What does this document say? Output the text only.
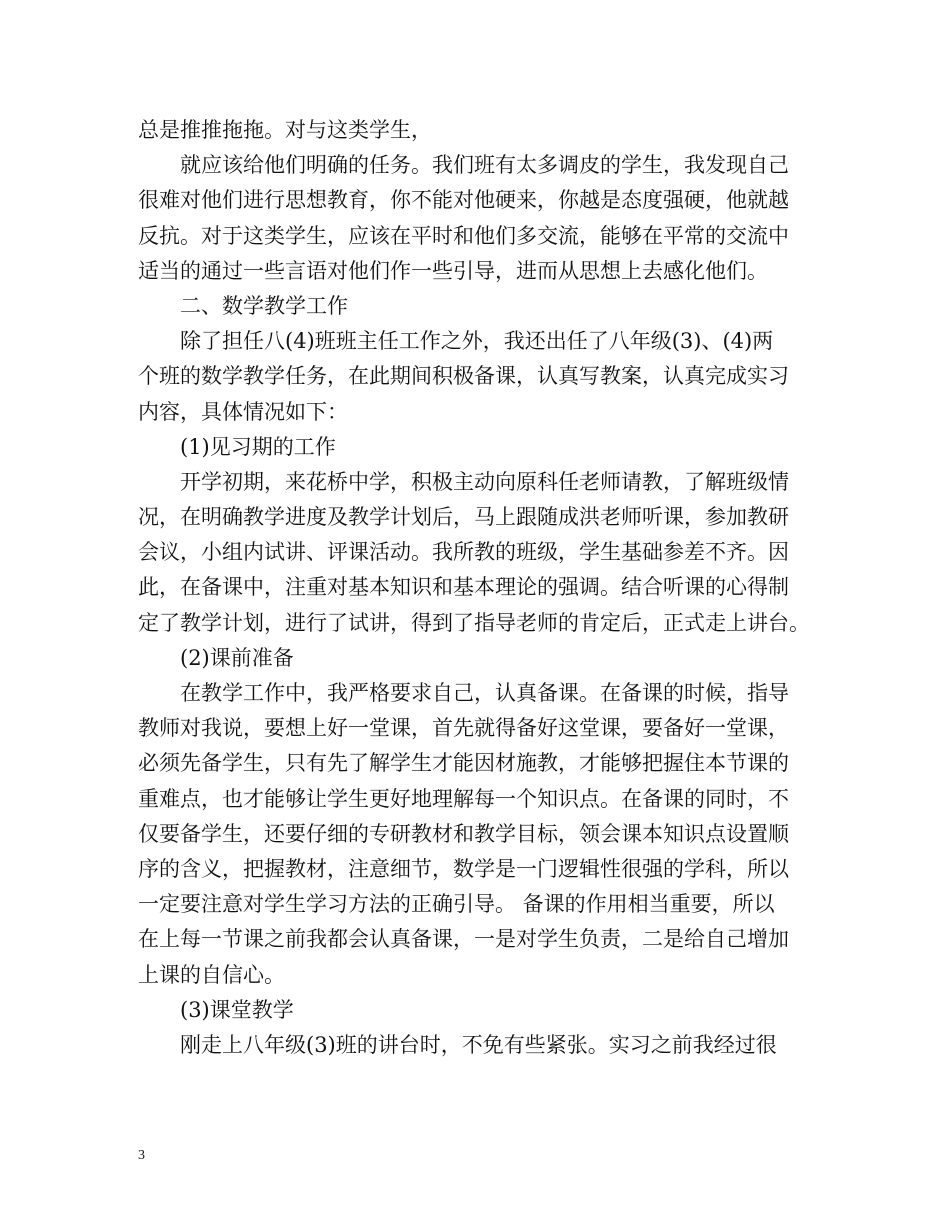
总是推推拖拖。对与这类学生，
就应该给他们明确的任务。我们班有太多调皮的学生，我发现自己
很难对他们进行思想教育，你不能对他硬来，你越是态度强硬，他就越
反抗。对于这类学生，应该在平时和他们多交流，能够在平常的交流中
适当的通过一些言语对他们作一些引导，进而从思想上去感化他们。
二、数学教学工作
除了担任八(4)班班主任工作之外，我还出任了八年级(3)、(4)两
个班的数学教学任务，在此期间积极备课，认真写教案，认真完成实习
内容，具体情况如下：
(1)见习期的工作
开学初期，来花桥中学，积极主动向原科任老师请教，了解班级情
况，在明确教学进度及教学计划后，马上跟随成洪老师听课，参加教研
会议，小组内试讲、评课活动。我所教的班级，学生基础参差不齐。因
此，在备课中，注重对基本知识和基本理论的强调。结合听课的心得制
定了教学计划，进行了试讲，得到了指导老师的肯定后，正式走上讲台。
(2)课前准备
在教学工作中，我严格要求自己，认真备课。在备课的时候，指导
教师对我说，要想上好一堂课，首先就得备好这堂课，要备好一堂课，
必须先备学生，只有先了解学生才能因材施教，才能够把握住本节课的
重难点，也才能够让学生更好地理解每一个知识点。在备课的同时，不
仅要备学生，还要仔细的专研教材和教学目标，领会课本知识点设置顺
序的含义，把握教材，注意细节，数学是一门逻辑性很强的学科，所以
一定要注意对学生学习方法的正确引导。 备课的作用相当重要，所以
在上每一节课之前我都会认真备课，一是对学生负责，二是给自己增加
上课的自信心。
(3)课堂教学
刚走上八年级(3)班的讲台时，不免有些紧张。实习之前我经过很
3
